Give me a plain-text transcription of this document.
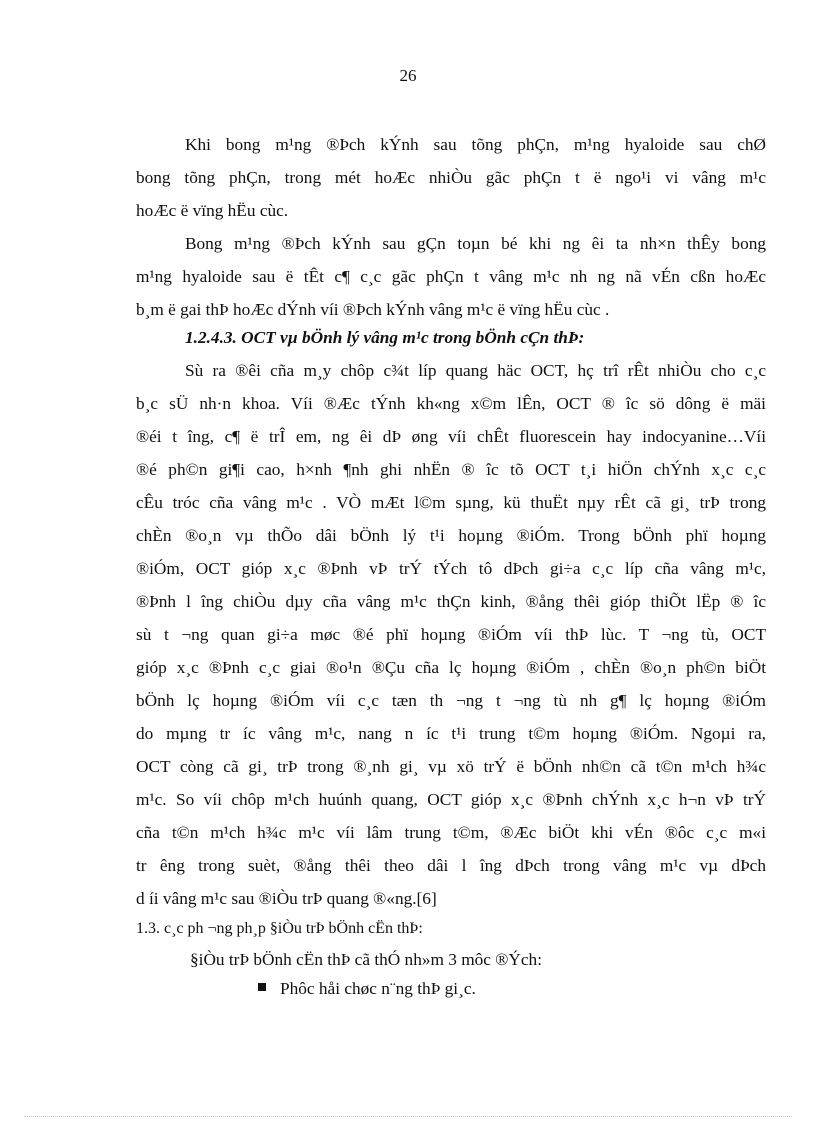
26
Khi bong m¹ng ®Þch kÝnh sau tõng phÇn, m¹ng hyaloide sau chØ
bong tõng phÇn, trong mét hoÆc nhiÒu gãc phÇn t ë ngo¹i vi vâng m¹c
hoÆc ë vïng hËu cùc.
Bong m¹ng ®Þch kÝnh sau gÇn toµn bé khi ng êi ta nh×n thÊy bong
m¹ng hyaloide sau ë tÊt c¶ c¸c gãc phÇn t vâng m¹c nh ng nã vÉn cßn hoÆc
b¸m ë gai thÞ hoÆc dÝnh víi ®Þch kÝnh vâng m¹c ë vïng hËu cùc .
1.2.4.3. OCT vµ bÖnh lý vâng m¹c trong bÖnh cÇn thÞ:
Sù ra ®êi cña m¸y chôp c¾t líp quang häc OCT, hç trî rÊt nhiÒu cho c¸c
b¸c sÜ nh·n khoa. Víi ®Æc tÝnh kh«ng x©m lÊn, OCT ® îc sö dông ë mäi
®éi t îng, c¶ ë trÎ em, ng êi dÞ øng víi chÊt fluorescein hay indocyanine…Víi
®é ph©n gi¶i cao, h×nh ¶nh ghi nhËn ® îc tõ OCT t¸i hiÖn chÝnh x¸c c¸c
cÊu tróc cña vâng m¹c . VÒ mÆt l©m sµng, kü thuËt nµy rÊt cã gi¸ trÞ trong
chÈn ®o¸n vµ thÕo dâi bÖnh lý t¹i hoµng ®iÓm. Trong bÖnh phï hoµng
®iÓm, OCT gióp x¸c ®Þnh vÞ trÝ tÝch tô dÞch gi÷a c¸c líp cña vâng m¹c,
®Þnh l îng chiÒu dµy cña vâng m¹c thÇn kinh, ®ång thêi gióp thiÕt lËp ® îc
sù t ¬ng quan gi÷a møc ®é phï hoµng ®iÓm víi thÞ lùc. T ¬ng tù, OCT
gióp x¸c ®Þnh c¸c giai ®o¹n ®Çu cña lç hoµng ®iÓm , chÈn ®o¸n ph©n biÖt
bÖnh lç hoµng ®iÓm víi c¸c tæn th ¬ng t ¬ng tù nh g¶ lç hoµng ®iÓm
do mµng tr íc vâng m¹c, nang n íc t¹i trung t©m hoµng ®iÓm. Ngoµi ra,
OCT còng cã gi¸ trÞ trong ®¸nh gi¸ vµ xö trÝ ë bÖnh nh©n cã t©n m¹ch h¾c
m¹c. So víi chôp m¹ch huúnh quang, OCT gióp x¸c ®Þnh chÝnh x¸c h¬n vÞ trÝ
cña t©n m¹ch h¾c m¹c víi lâm trung t©m, ®Æc biÖt khi vÉn ®ôc c¸c m«i
tr êng trong suèt, ®ång thêi theo dâi l îng dÞch trong vâng m¹c vµ dÞch
d íi vâng m¹c sau ®iÒu trÞ quang ®«ng.[6]
1.3. c¸c ph ¬ng ph¸p §iÒu trÞ bÖnh cËn thÞ:
§iÒu trÞ bÖnh cËn thÞ cã thÓ nh»m 3 môc ®Ých:
Phôc håi chøc n¨ng thÞ gi¸c.
